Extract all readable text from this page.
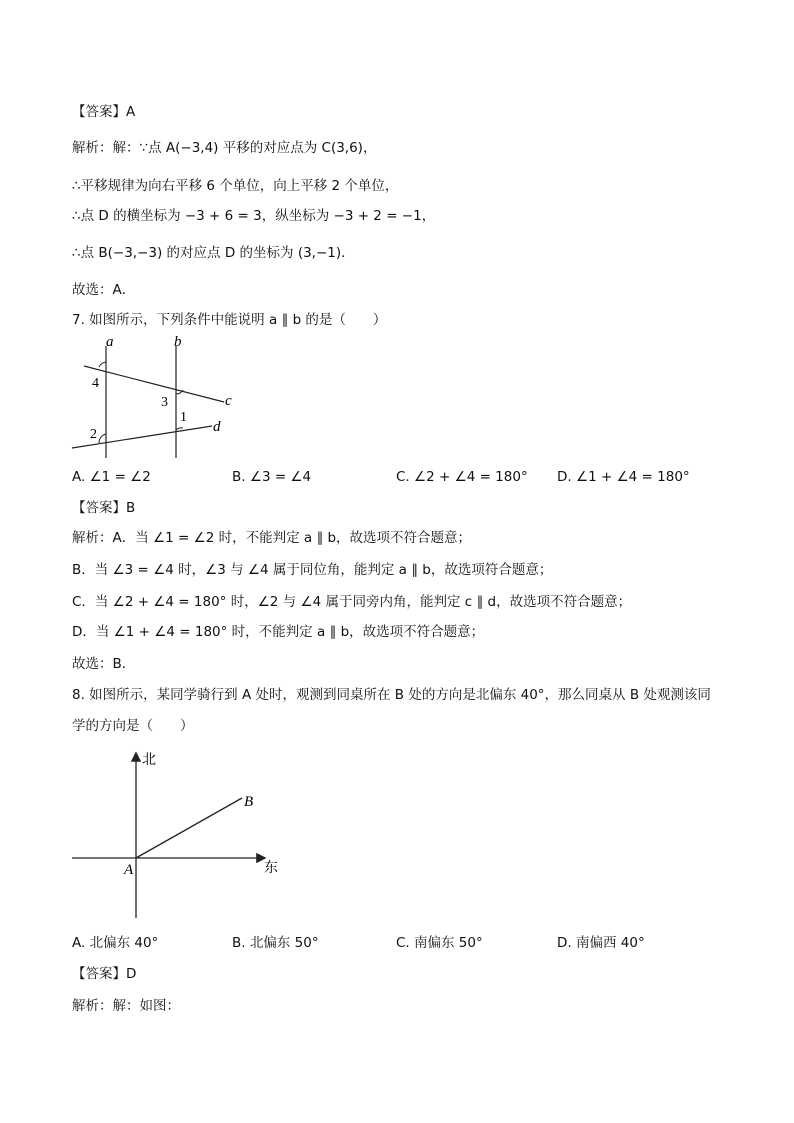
【答案】A
解析：解：∵点 A(−3,4) 平移的对应点为 C(3,6)，
∴平移规律为向右平移 6 个单位，向上平移 2 个单位，
∴点 D 的横坐标为 −3 + 6 = 3，纵坐标为 −3 + 2 = −1，
∴点 B(−3,−3) 的对应点 D 的坐标为 (3,−1)．
故选：A．
7. 如图所示，下列条件中能说明 a ∥ b 的是（　　）
a	b
c
d
4
3
1
2
A. ∠1 = ∠2	B. ∠3 = ∠4	C. ∠2 + ∠4 = 180° D. ∠1 + ∠4 = 180°
【答案】B
解析：A．当 ∠1 = ∠2 时，不能判定 a ∥ b，故选项不符合题意；
B．当 ∠3 = ∠4 时，∠3 与 ∠4 属于同位角，能判定 a ∥ b，故选项符合题意；
C．当 ∠2 + ∠4 = 180° 时，∠2 与 ∠4 属于同旁内角，能判定 c ∥ d，故选项不符合题意；
D．当 ∠1 + ∠4 = 180° 时，不能判定 a ∥ b，故选项不符合题意；
故选：B．
8. 如图所示，某同学骑行到 A 处时，观测到同桌所在 B 处的方向是北偏东 40°，那么同桌从 B 处观测该同
学的方向是（　　）
北
东
A
B
A. 北偏东 40°	B. 北偏东 50°	C. 南偏东 50°	D. 南偏西 40°
【答案】D
解析：解：如图：
